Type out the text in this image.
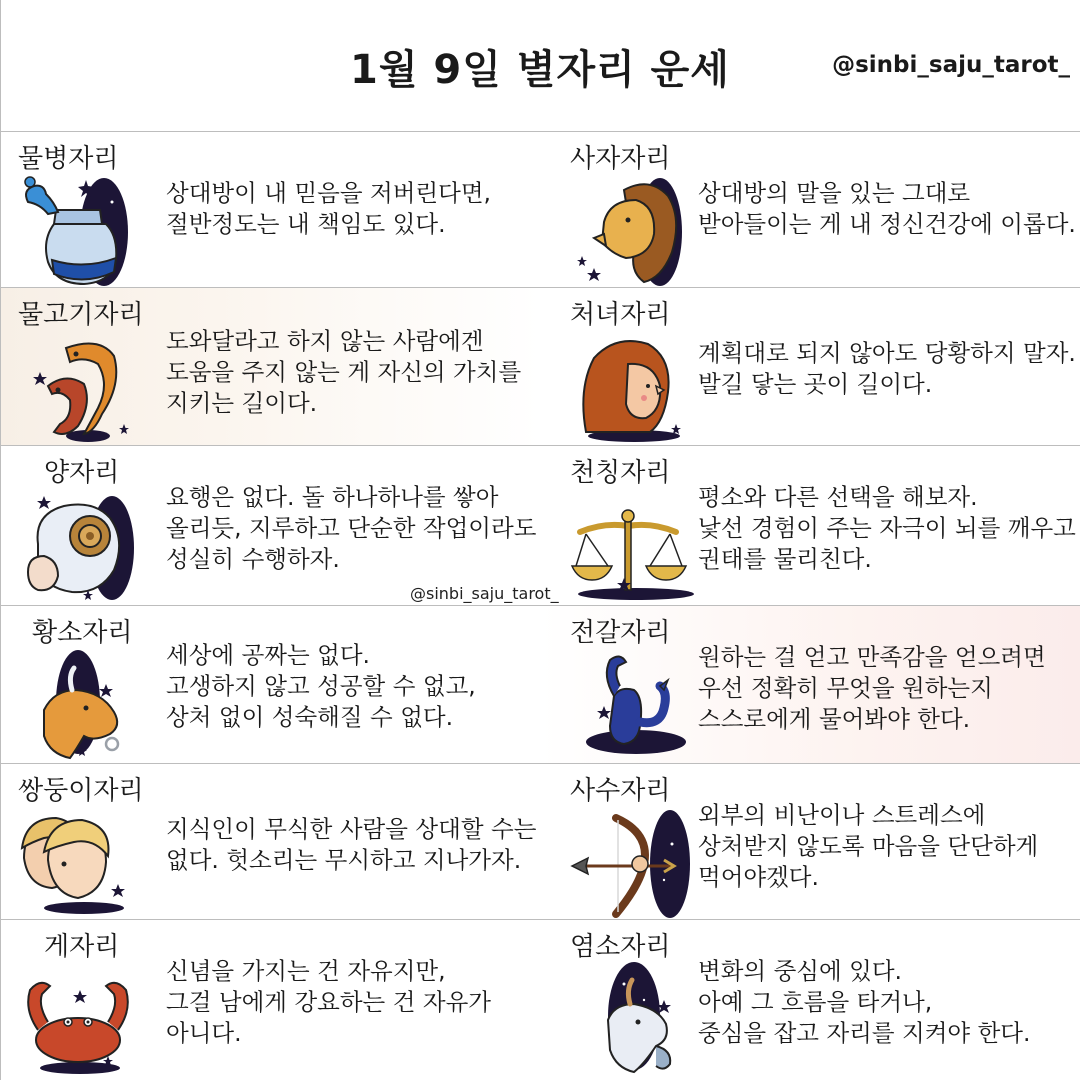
1월 9일 별자리 운세	@sinbi_saju_tarot_
물병자리
상대방이 내 믿음을 저버린다면,
절반정도는 내 책임도 있다.
사자자리
상대방의 말을 있는 그대로
받아들이는 게 내 정신건강에 이롭다.
물고기자리
도와달라고 하지 않는 사람에겐
도움을 주지 않는 게 자신의 가치를
지키는 길이다.
처녀자리
계획대로 되지 않아도 당황하지 말자.
발길 닿는 곳이 길이다.
양자리
요행은 없다. 돌 하나하나를 쌓아
올리듯, 지루하고 단순한 작업이라도
성실히 수행하자.
@sinbi_saju_tarot_
천칭자리
평소와 다른 선택을 해보자.
낯선 경험이 주는 자극이 뇌를 깨우고
권태를 물리친다.
황소자리
세상에 공짜는 없다.
고생하지 않고 성공할 수 없고,
상처 없이 성숙해질 수 없다.
전갈자리
원하는 걸 얻고 만족감을 얻으려면
우선 정확히 무엇을 원하는지
스스로에게 물어봐야 한다.
쌍둥이자리
지식인이 무식한 사람을 상대할 수는
없다. 헛소리는 무시하고 지나가자.
사수자리
외부의 비난이나 스트레스에
상처받지 않도록 마음을 단단하게
먹어야겠다.
게자리
신념을 가지는 건 자유지만,
그걸 남에게 강요하는 건 자유가
아니다.
염소자리
변화의 중심에 있다.
아예 그 흐름을 타거나,
중심을 잡고 자리를 지켜야 한다.
